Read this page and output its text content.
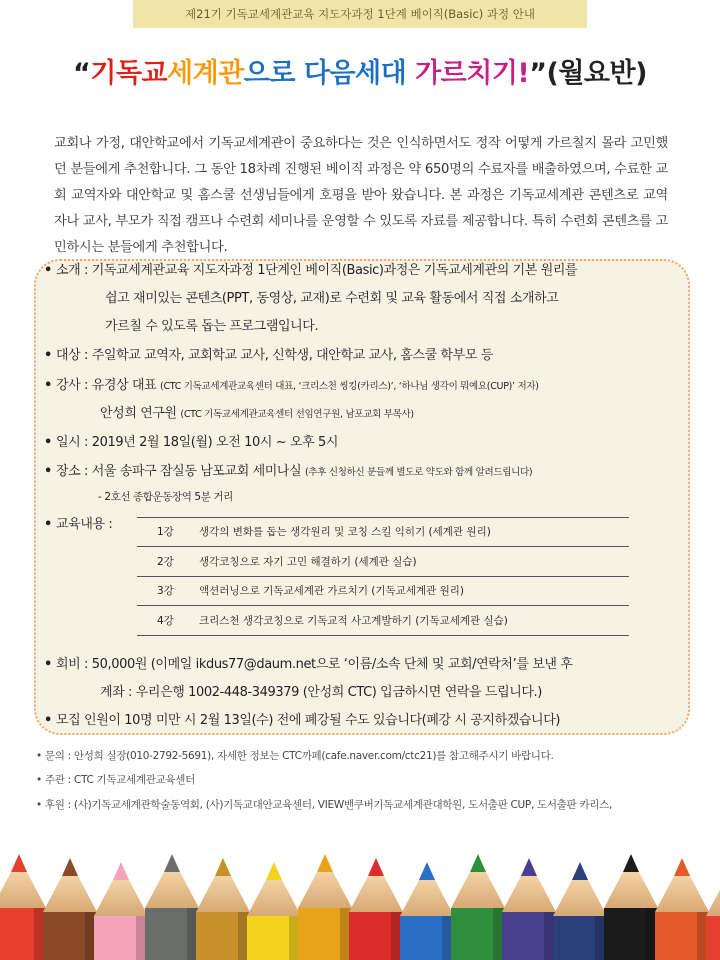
제21기 기독교세계관교육 지도자과정 1단계 베이직(Basic) 과정 안내
“기독교세계관으로 다음세대 가르치기!”(월요반)
교회나 가정, 대안학교에서 기독교세계관이 중요하다는 것은 인식하면서도 정작 어떻게 가르칠지 몰라 고민했던 분들에게 추천합니다. 그 동안 18차례 진행된 베이직 과정은 약 650명의 수료자를 배출하였으며, 수료한 교회 교역자와 대안학교 및 홈스쿨 선생님들에게 호평을 받아 왔습니다. 본 과정은 기독교세계관 콘텐츠로 교역자나 교사, 부모가 직접 캠프나 수련회 세미나를 운영할 수 있도록 자료를 제공합니다. 특히 수련회 콘텐츠를 고민하시는 분들에게 추천합니다.
• 소개 : 기독교세계관교육 지도자과정 1단계인 베이직(Basic)과정은 기독교세계관의 기본 원리를
쉽고 재미있는 콘텐츠(PPT, 동영상, 교재)로 수련회 및 교육 활동에서 직접 소개하고
가르칠 수 있도록 돕는 프로그램입니다.
• 대상 : 주일학교 교역자, 교회학교 교사, 신학생, 대안학교 교사, 홈스쿨 학부모 등
• 강사 : 유경상 대표 (CTC 기독교세계관교육센터 대표, ‘크리스천 씽킹(카리스)’, ‘하나님 생각이 뭐예요(CUP)’ 저자)
안성희 연구원 (CTC 기독교세계관교육센터 선임연구원, 남포교회 부목사)
• 일시 : 2019년 2월 18일(월) 오전 10시 ~ 오후 5시
• 장소 : 서울 송파구 잠실동 남포교회 세미나실 (추후 신청하신 분들께 별도로 약도와 함께 알려드립니다)
- 2호선 종합운동장역 5분 거리
• 교육내용 :	1강 생각의 변화를 돕는 생각원리 및 코칭 스킬 익히기 (세계관 원리)
2강 생각코칭으로 자기 고민 해결하기 (세계관 실습)
3강 액션러닝으로 기독교세계관 가르치기 (기독교세계관 원리)
4강 크리스천 생각코칭으로 기독교적 사고계발하기 (기독교세계관 실습)
• 회비 : 50,000원 (이메일 ikdus77@daum.net으로 ‘이름/소속 단체 및 교회/연락처’를 보낸 후
계좌 : 우리은행 1002-448-349379 (안성희 CTC) 입금하시면 연락을 드립니다.)
• 모집 인원이 10명 미만 시 2월 13일(수) 전에 폐강될 수도 있습니다(폐강 시 공지하겠습니다)
• 문의 : 안성희 실장(010-2792-5691), 자세한 정보는 CTC까페(cafe.naver.com/ctc21)를 참고해주시기 바랍니다.
• 주관 : CTC 기독교세계관교육센터
• 후원 : (사)기독교세계관학술동역회, (사)기독교대안교육센터, VIEW밴쿠버기독교세계관대학원, 도서출판 CUP, 도서출판 카리스,
